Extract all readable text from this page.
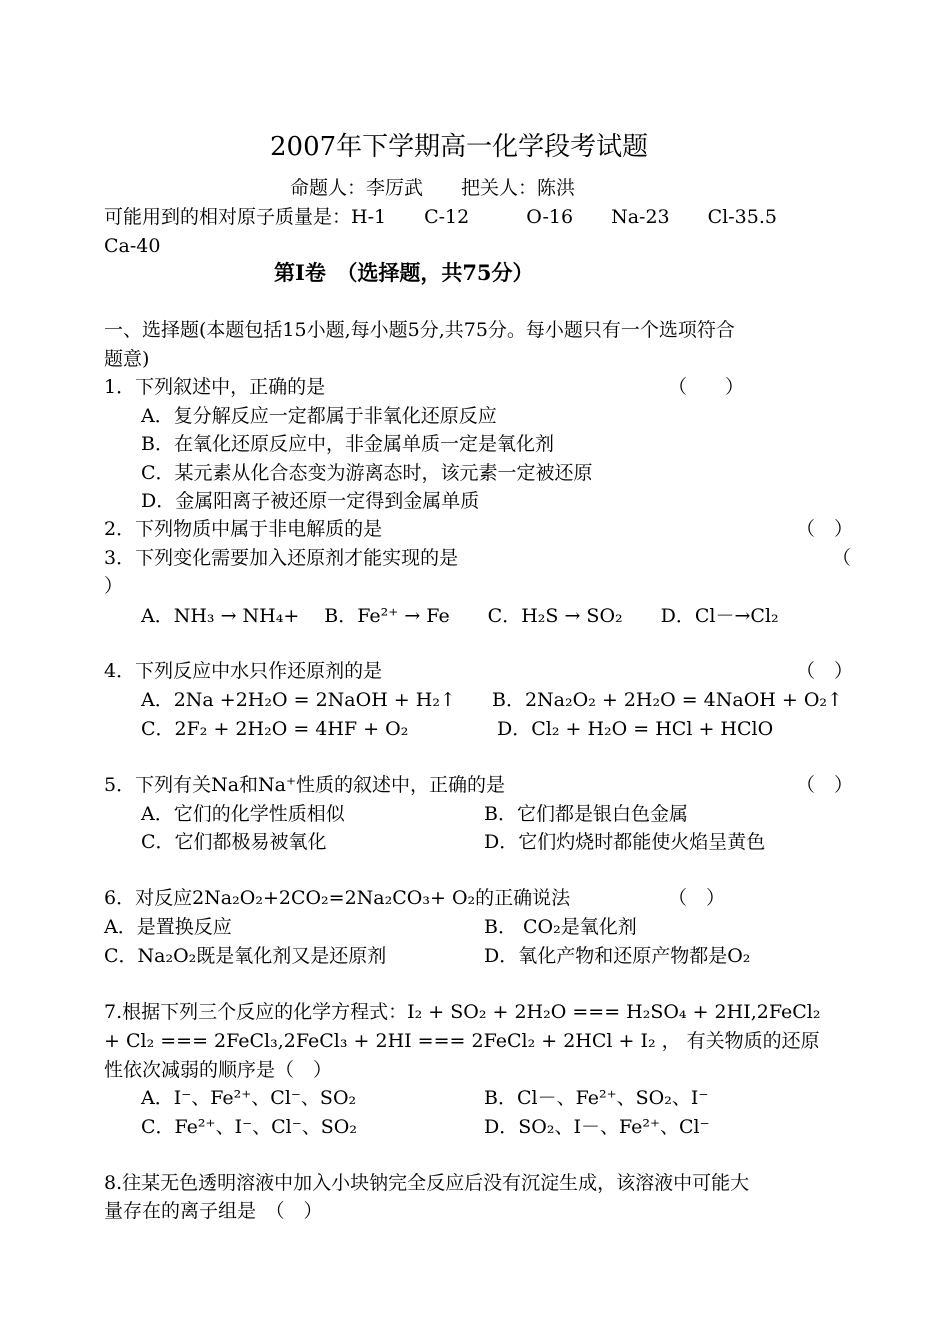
2007年下学期高一化学段考试题
命题人：李厉武　　把关人：陈洪
可能用到的相对原子质量是：H-1　　C-12　　　O-16　　Na-23　　Cl-35.5
Ca-40
第Ⅰ卷　（选择题，共75分）
一、选择题(本题包括15小题,每小题5分,共75分。每小题只有一个选项符合
题意)
1．下列叙述中，正确的是	（　　）
A．复分解反应一定都属于非氧化还原反应
B．在氧化还原反应中，非金属单质一定是氧化剂
C．某元素从化合态变为游离态时，该元素一定被还原
D．金属阳离子被还原一定得到金属单质
2．下列物质中属于非电解质的是	（　）
3．下列变化需要加入还原剂才能实现的是	（
）
A．NH₃ → NH₄+　 B．Fe²⁺ → Fe　　C．H₂S → SO₂　　D．Cl－→Cl₂
4．下列反应中水只作还原剂的是	（　）
A．2Na +2H₂O = 2NaOH + H₂↑ B．2Na₂O₂ + 2H₂O = 4NaOH + O₂↑
C．2F₂ + 2H₂O = 4HF + O₂	D．Cl₂ + H₂O = HCl + HClO
5．下列有关Na和Na⁺性质的叙述中，正确的是	（　）
A．它们的化学性质相似	B．它们都是银白色金属
C．它们都极易被氧化	D．它们灼烧时都能使火焰呈黄色
6．对反应2Na₂O₂+2CO₂=2Na₂CO₃+ O₂的正确说法	（　）
A．是置换反应	B． CO₂是氧化剂
C．Na₂O₂既是氧化剂又是还原剂	D．氧化产物和还原产物都是O₂
7.根据下列三个反应的化学方程式：I₂ + SO₂ + 2H₂O === H₂SO₄ + 2HI,2FeCl₂
+ Cl₂ === 2FeCl₃,2FeCl₃ + 2HI === 2FeCl₂ + 2HCl + I₂ ， 有关物质的还原
性依次减弱的顺序是（　）
A．I⁻、Fe²⁺、Cl⁻、SO₂	B．Cl－、Fe²⁺、SO₂、I⁻
C．Fe²⁺、I⁻、Cl⁻、SO₂	D．SO₂、I－、Fe²⁺、Cl⁻
8.往某无色透明溶液中加入小块钠完全反应后没有沉淀生成，该溶液中可能大
量存在的离子组是　（　）
